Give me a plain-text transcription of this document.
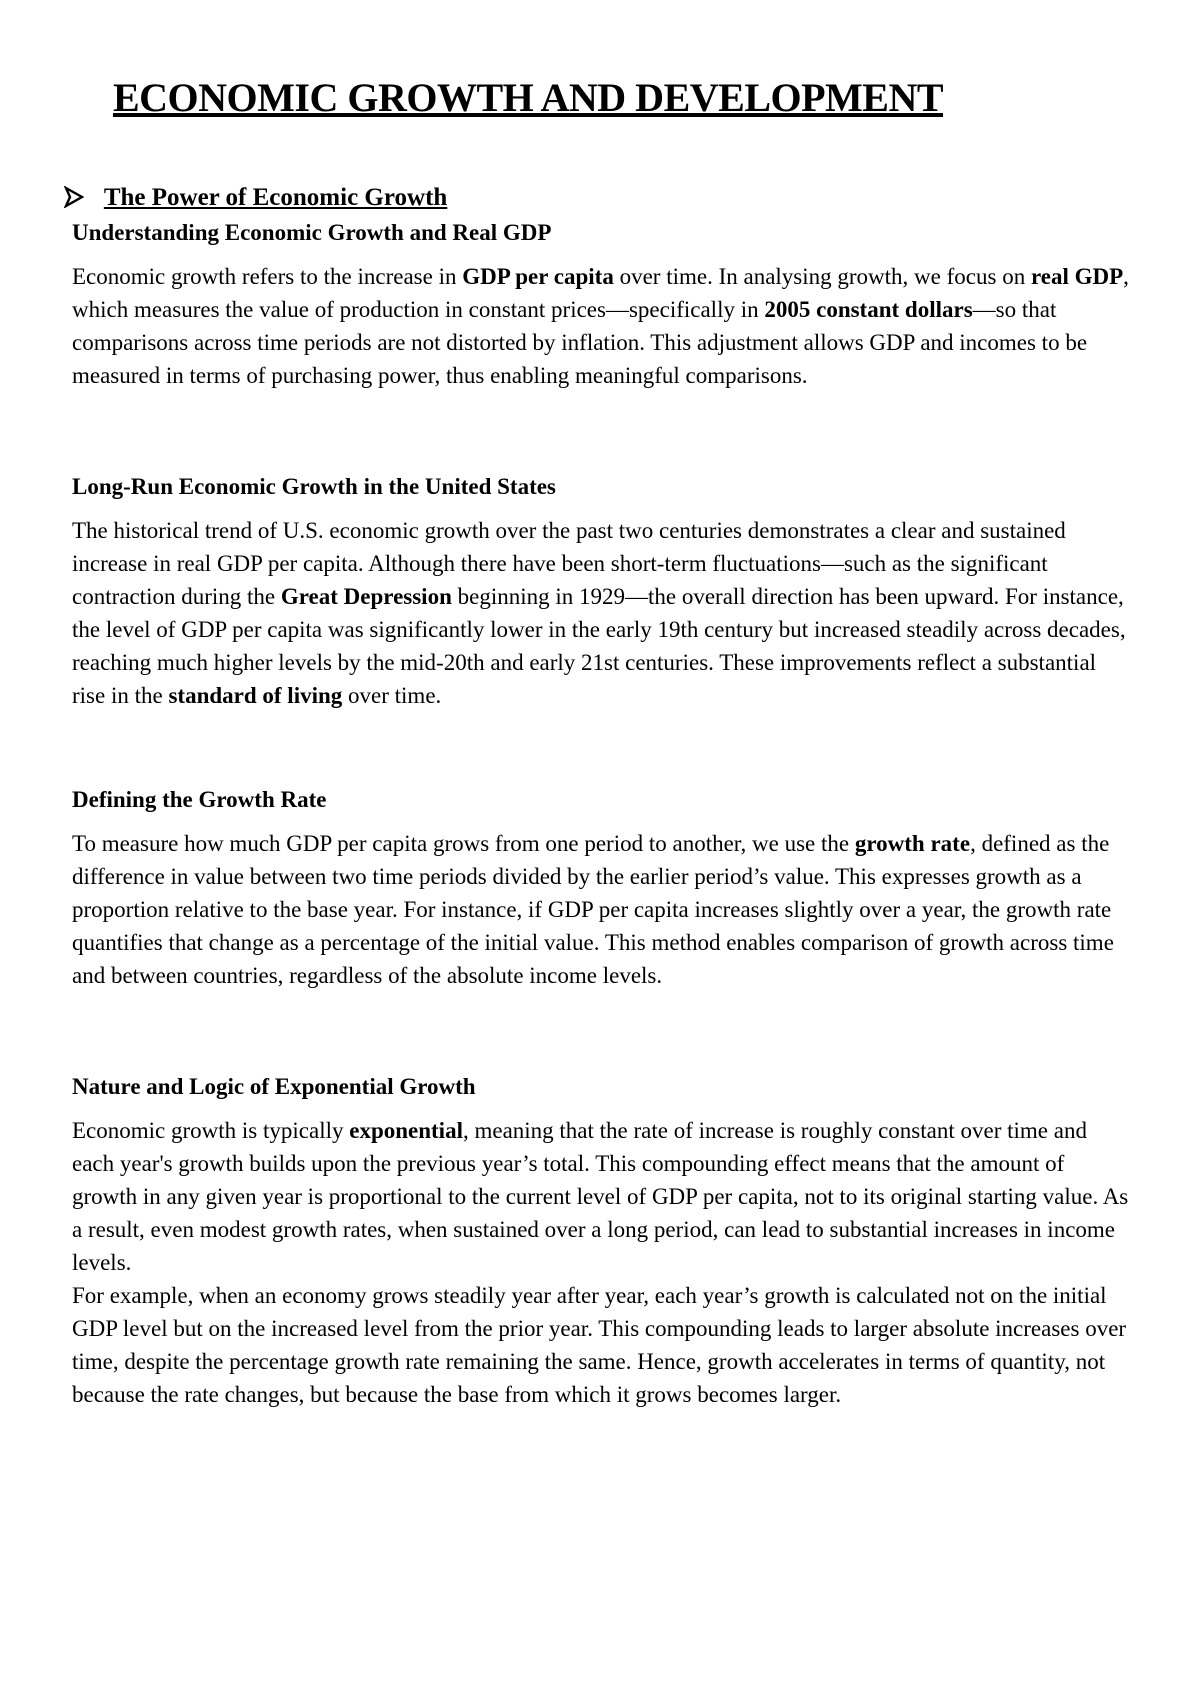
ECONOMIC GROWTH AND DEVELOPMENT
The Power of Economic Growth
Understanding Economic Growth and Real GDP

Economic growth refers to the increase in GDP per capita over time. In analysing growth, we focus on real GDP, which measures the value of production in constant prices—specifically in 2005 constant dollars—so that comparisons across time periods are not distorted by inflation. This adjustment allows GDP and incomes to be measured in terms of purchasing power, thus enabling meaningful comparisons.

Long-Run Economic Growth in the United States

The historical trend of U.S. economic growth over the past two centuries demonstrates a clear and sustained increase in real GDP per capita. Although there have been short-term fluctuations—such as the significant contraction during the Great Depression beginning in 1929—the overall direction has been upward. For instance, the level of GDP per capita was significantly lower in the early 19th century but increased steadily across decades, reaching much higher levels by the mid-20th and early 21st centuries. These improvements reflect a substantial rise in the standard of living over time.

Defining the Growth Rate

To measure how much GDP per capita grows from one period to another, we use the growth rate, defined as the difference in value between two time periods divided by the earlier period’s value. This expresses growth as a proportion relative to the base year. For instance, if GDP per capita increases slightly over a year, the growth rate quantifies that change as a percentage of the initial value. This method enables comparison of growth across time and between countries, regardless of the absolute income levels.

Nature and Logic of Exponential Growth

Economic growth is typically exponential, meaning that the rate of increase is roughly constant over time and each year's growth builds upon the previous year’s total. This compounding effect means that the amount of growth in any given year is proportional to the current level of GDP per capita, not to its original starting value. As a result, even modest growth rates, when sustained over a long period, can lead to substantial increases in income levels.

For example, when an economy grows steadily year after year, each year’s growth is calculated not on the initial GDP level but on the increased level from the prior year. This compounding leads to larger absolute increases over time, despite the percentage growth rate remaining the same. Hence, growth accelerates in terms of quantity, not because the rate changes, but because the base from which it grows becomes larger.
